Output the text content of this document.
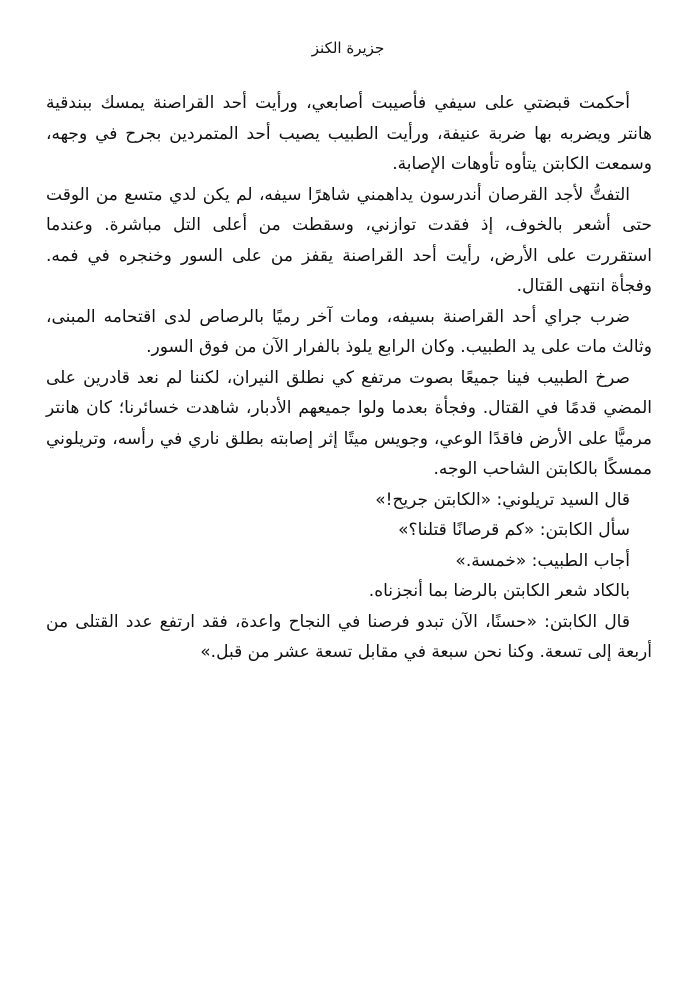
جزيرة الكنز

أحكمت قبضتي على سيفي فأصيبت أصابعي، ورأيت أحد القراصنة يمسك ببندقية هانتر ويضربه بها ضربة عنيفة، ورأيت الطبيب يصيب أحد المتمردين بجرح في وجهه، وسمعت الكابتن يتأوه تأوهات الإصابة.

التفتُّ لأجد القرصان أندرسون يداهمني شاهرًا سيفه، لم يكن لدي متسع من الوقت حتى أشعر بالخوف، إذ فقدت توازني، وسقطت من أعلى التل مباشرة. وعندما استقررت على الأرض، رأيت أحد القراصنة يقفز من على السور وخنجره في فمه. وفجأة انتهى القتال.

ضرب جراي أحد القراصنة بسيفه، ومات آخر رميًا بالرصاص لدى اقتحامه المبنى، وثالث مات على يد الطبيب. وكان الرابع يلوذ بالفرار الآن من فوق السور.

صرخ الطبيب فينا جميعًا بصوت مرتفع كي نطلق النيران، لكننا لم نعد قادرين على المضي قدمًا في القتال. وفجأة بعدما ولوا جميعهم الأدبار، شاهدت خسائرنا؛ كان هانتر مرميًّا على الأرض فاقدًا الوعي، وجويس ميتًا إثر إصابته بطلق ناري في رأسه، وتريلوني ممسكًا بالكابتن الشاحب الوجه.

قال السيد تريلوني: «الكابتن جريح!»

سأل الكابتن: «كم قرصانًا قتلنا؟»

أجاب الطبيب: «خمسة.»

بالكاد شعر الكابتن بالرضا بما أنجزناه.

قال الكابتن: «حسنًا، الآن تبدو فرصنا في النجاح واعدة، فقد ارتفع عدد القتلى من أربعة إلى تسعة. وكنا نحن سبعة في مقابل تسعة عشر من قبل.»
